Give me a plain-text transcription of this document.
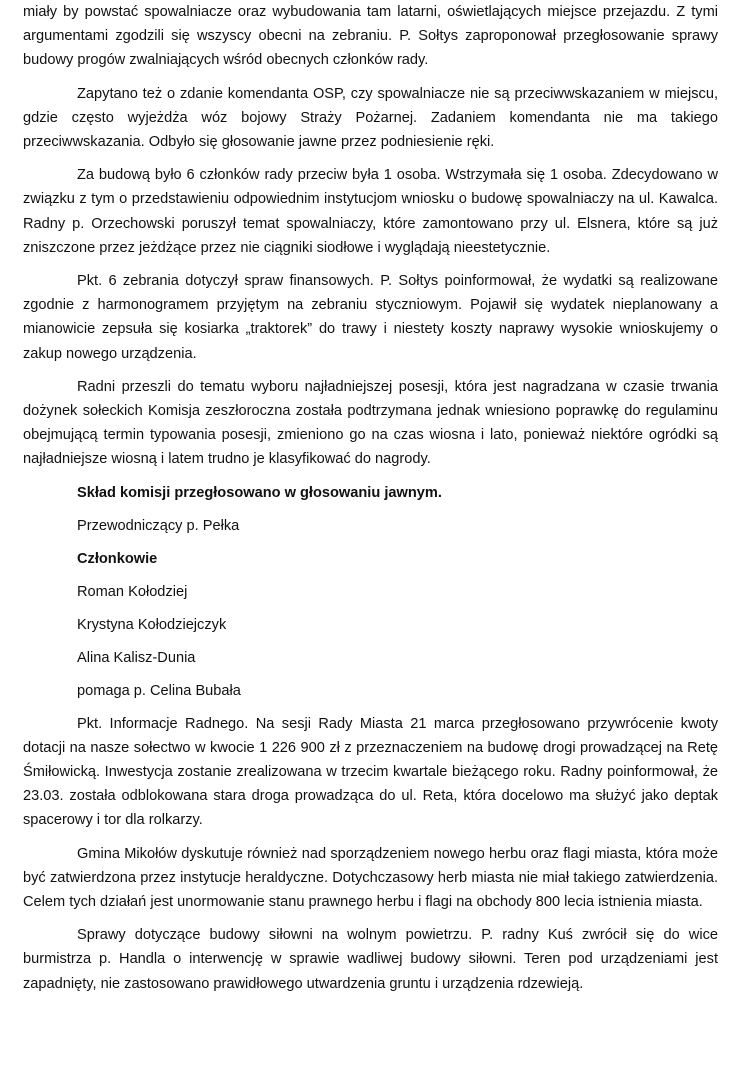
miały by powstać spowalniacze oraz wybudowania tam latarni, oświetlających miejsce przejazdu. Z tymi argumentami zgodzili się wszyscy obecni na zebraniu. P. Sołtys zaproponował przegłosowanie sprawy budowy progów zwalniających wśród obecnych członków rady.

Zapytano też o zdanie komendanta OSP, czy spowalniacze nie są przeciwwskazaniem w miejscu, gdzie często wyjeżdża wóz bojowy Straży Pożarnej. Zadaniem komendanta nie ma takiego przeciwwskazania. Odbyło się głosowanie jawne przez podniesienie ręki.

Za budową było 6 członków rady przeciw była 1 osoba. Wstrzymała się 1 osoba. Zdecydowano w związku z tym o przedstawieniu odpowiednim instytucjom wniosku o budowę spowalniaczy na ul. Kawalca. Radny p. Orzechowski poruszył temat spowalniaczy, które zamontowano przy ul. Elsnera, które są już zniszczone przez jeżdżące przez nie ciągniki siodłowe i wyglądają nieestetycznie.

Pkt. 6 zebrania dotyczył spraw finansowych. P. Sołtys poinformował, że wydatki są realizowane zgodnie z harmonogramem przyjętym na zebraniu styczniowym. Pojawił się wydatek nieplanowany a mianowicie zepsuła się kosiarka „traktorek” do trawy i niestety koszty naprawy wysokie wnioskujemy o zakup nowego urządzenia.

Radni przeszli do tematu wyboru najładniejszej posesji, która jest nagradzana w czasie trwania dożynek sołeckich Komisja zeszłoroczna została podtrzymana jednak wniesiono poprawkę do regulaminu obejmującą termin typowania posesji, zmieniono go na czas wiosna i lato, ponieważ niektóre ogródki są najładniejsze wiosną i latem trudno je klasyfikować do nagrody.

Skład komisji przegłosowano w głosowaniu jawnym.

Przewodniczący p. Pełka

Członkowie

Roman Kołodziej

Krystyna Kołodziejczyk

Alina Kalisz-Dunia

pomaga p. Celina Bubała

Pkt. Informacje Radnego. Na sesji Rady Miasta 21 marca przegłosowano przywrócenie kwoty dotacji na nasze sołectwo w kwocie 1 226 900 zł z przeznaczeniem na budowę drogi prowadzącej na Retę Śmiłowicką. Inwestycja zostanie zrealizowana w trzecim kwartale bieżącego roku. Radny poinformował, że 23.03. została odblokowana stara droga prowadząca do ul. Reta, która docelowo ma służyć jako deptak spacerowy i tor dla rolkarzy.

Gmina Mikołów dyskutuje również nad sporządzeniem nowego herbu oraz flagi miasta, która może być zatwierdzona przez instytucje heraldyczne. Dotychczasowy herb miasta nie miał takiego zatwierdzenia. Celem tych działań jest unormowanie stanu prawnego herbu i flagi na obchody 800 lecia istnienia miasta.

Sprawy dotyczące budowy siłowni na wolnym powietrzu. P. radny Kuś zwrócił się do wice burmistrza p. Handla o interwencję w sprawie wadliwej budowy siłowni. Teren pod urządzeniami jest zapadnięty, nie zastosowano prawidłowego utwardzenia gruntu i urządzenia rdzewieją.
